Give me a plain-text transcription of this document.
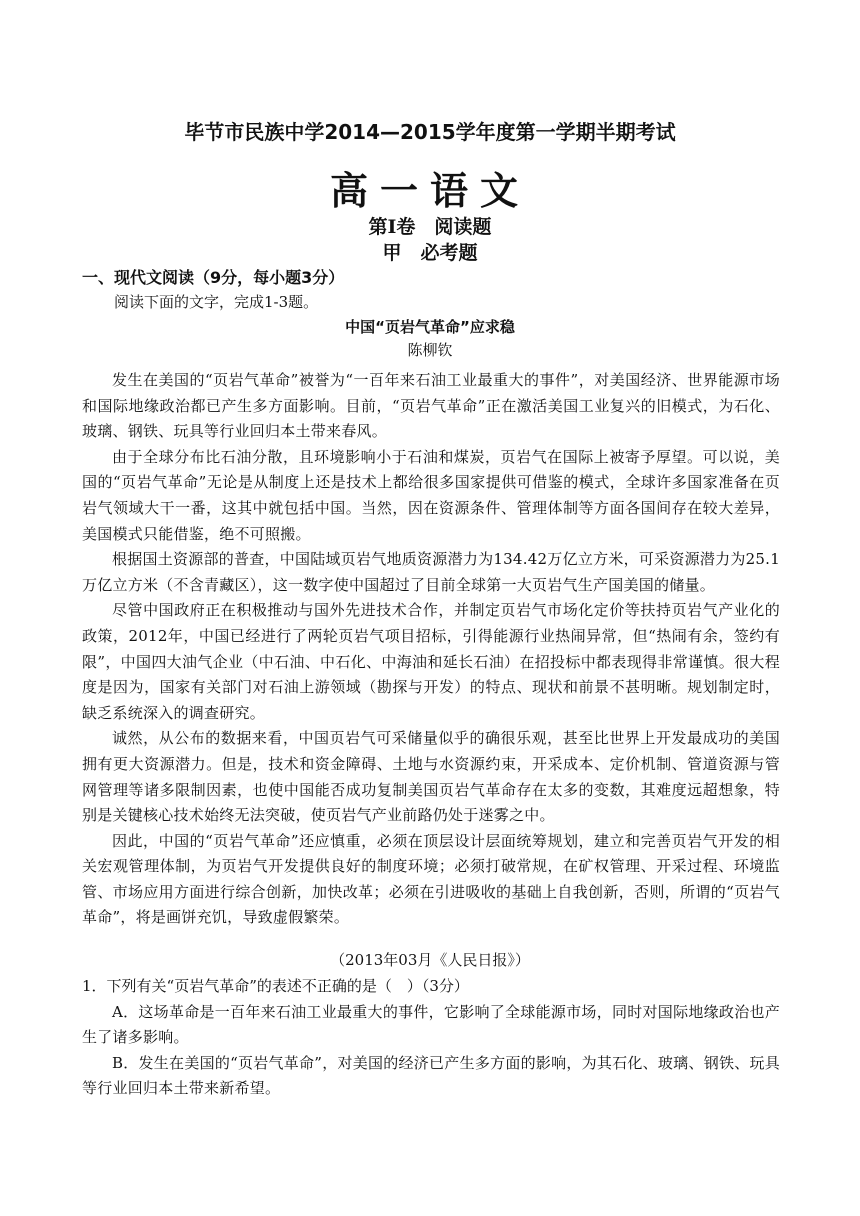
毕节市民族中学2014—2015学年度第一学期半期考试
高一语文
第Ⅰ卷　阅读题
甲　必考题
一、现代文阅读（9分，每小题3分）
阅读下面的文字，完成1-3题。
中国“页岩气革命”应求稳
陈柳钦

发生在美国的“页岩气革命”被誉为“一百年来石油工业最重大的事件”，对美国经济、世界能源市场和国际地缘政治都已产生多方面影响。目前，“页岩气革命”正在激活美国工业复兴的旧模式，为石化、玻璃、钢铁、玩具等行业回归本土带来春风。

由于全球分布比石油分散，且环境影响小于石油和煤炭，页岩气在国际上被寄予厚望。可以说，美国的“页岩气革命”无论是从制度上还是技术上都给很多国家提供可借鉴的模式，全球许多国家准备在页岩气领域大干一番，这其中就包括中国。当然，因在资源条件、管理体制等方面各国间存在较大差异，美国模式只能借鉴，绝不可照搬。

根据国土资源部的普查，中国陆域页岩气地质资源潜力为134.42万亿立方米，可采资源潜力为25.1万亿立方米（不含青藏区），这一数字使中国超过了目前全球第一大页岩气生产国美国的储量。

尽管中国政府正在积极推动与国外先进技术合作，并制定页岩气市场化定价等扶持页岩气产业化的政策，2012年，中国已经进行了两轮页岩气项目招标，引得能源行业热闹异常，但“热闹有余，签约有限”，中国四大油气企业（中石油、中石化、中海油和延长石油）在招投标中都表现得非常谨慎。很大程度是因为，国家有关部门对石油上游领域（勘探与开发）的特点、现状和前景不甚明晰。规划制定时，缺乏系统深入的调查研究。

诚然，从公布的数据来看，中国页岩气可采储量似乎的确很乐观，甚至比世界上开发最成功的美国拥有更大资源潜力。但是，技术和资金障碍、土地与水资源约束，开采成本、定价机制、管道资源与管网管理等诸多限制因素，也使中国能否成功复制美国页岩气革命存在太多的变数，其难度远超想象，特别是关键核心技术始终无法突破，使页岩气产业前路仍处于迷雾之中。

因此，中国的“页岩气革命”还应慎重，必须在顶层设计层面统筹规划，建立和完善页岩气开发的相关宏观管理体制，为页岩气开发提供良好的制度环境；必须打破常规，在矿权管理、开采过程、环境监管、市场应用方面进行综合创新，加快改革；必须在引进吸收的基础上自我创新，否则，所谓的“页岩气革命”，将是画饼充饥，导致虚假繁荣。

（2013年03月《人民日报》）

1．下列有关“页岩气革命”的表述不正确的是（　）（3分）

A．这场革命是一百年来石油工业最重大的事件，它影响了全球能源市场，同时对国际地缘政治也产生了诸多影响。

B．发生在美国的“页岩气革命”，对美国的经济已产生多方面的影响，为其石化、玻璃、钢铁、玩具等行业回归本土带来新希望。
